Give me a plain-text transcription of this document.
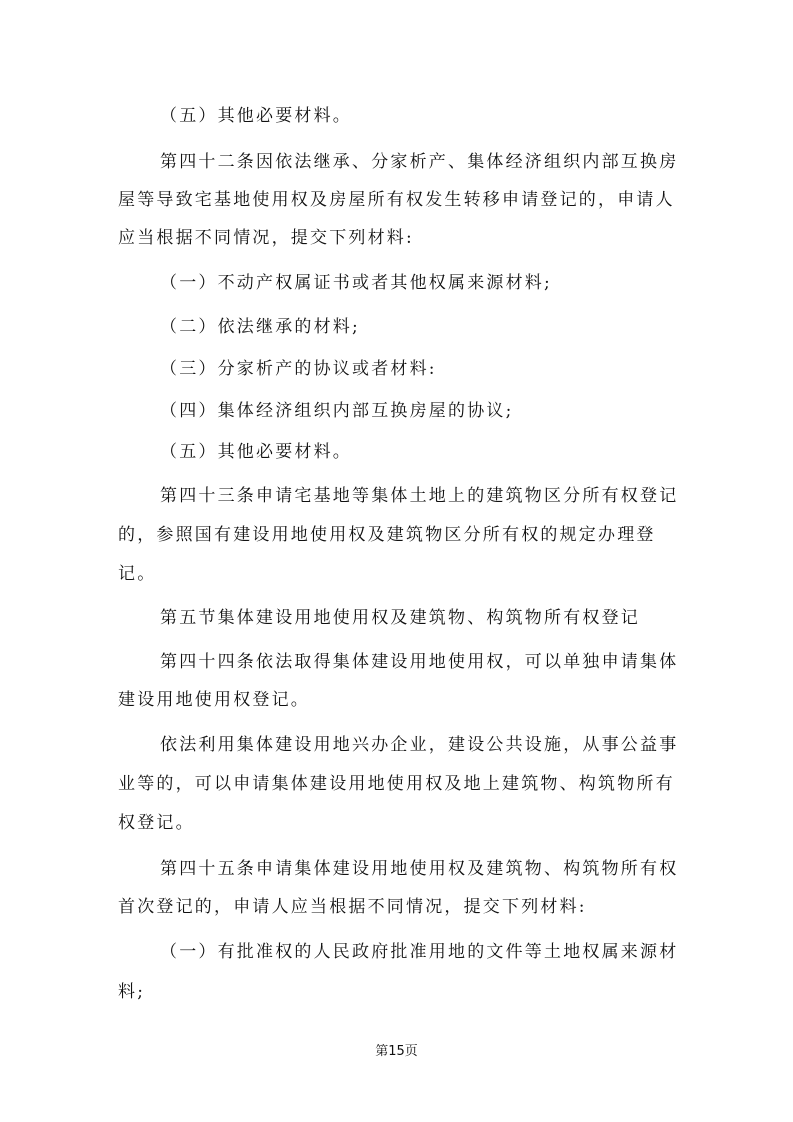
（五）其他必要材料。
第四十二条因依法继承、分家析产、集体经济组织内部互换房
屋等导致宅基地使用权及房屋所有权发生转移申请登记的，申请人
应当根据不同情况，提交下列材料:
（一）不动产权属证书或者其他权属来源材料;
（二）依法继承的材料;
（三）分家析产的协议或者材料:
（四）集体经济组织内部互换房屋的协议;
（五）其他必要材料。
第四十三条申请宅基地等集体土地上的建筑物区分所有权登记
的，参照国有建设用地使用权及建筑物区分所有权的规定办理登
记。
第五节集体建设用地使用权及建筑物、构筑物所有权登记
第四十四条依法取得集体建设用地使用权，可以单独申请集体
建设用地使用权登记。
依法利用集体建设用地兴办企业，建设公共设施，从事公益事
业等的，可以申请集体建设用地使用权及地上建筑物、构筑物所有
权登记。
第四十五条申请集体建设用地使用权及建筑物、构筑物所有权
首次登记的，申请人应当根据不同情况，提交下列材料:
（一）有批准权的人民政府批准用地的文件等土地权属来源材
料;
第15页
